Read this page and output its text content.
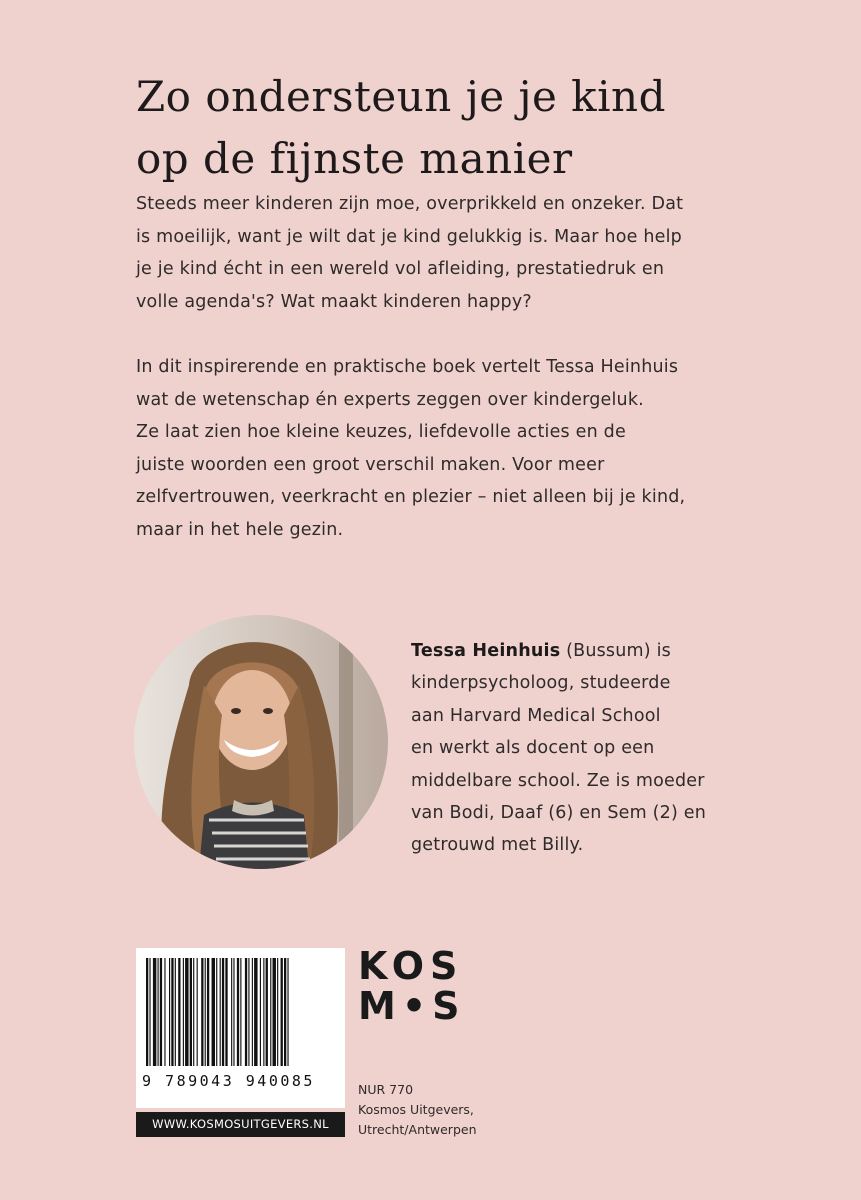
Zo ondersteun je je kind
op de fijnste manier

Steeds meer kinderen zijn moe, overprikkeld en onzeker. Dat
is moeilijk, want je wilt dat je kind gelukkig is. Maar hoe help
je je kind écht in een wereld vol afleiding, prestatiedruk en
volle agenda's? Wat maakt kinderen happy?

In dit inspirerende en praktische boek vertelt Tessa Heinhuis
wat de wetenschap én experts zeggen over kindergeluk.
Ze laat zien hoe kleine keuzes, liefdevolle acties en de
juiste woorden een groot verschil maken. Voor meer
zelfvertrouwen, veerkracht en plezier – niet alleen bij je kind,
maar in het hele gezin.

Tessa Heinhuis (Bussum) is
kinderpsycholoog, studeerde
aan Harvard Medical School
en werkt als docent op een
middelbare school. Ze is moeder
van Bodi, Daaf (6) en Sem (2) en
getrouwd met Billy.

9 789043 940085
WWW.KOSMOSUITGEVERS.NL
KOS
M•S

NUR 770
Kosmos Uitgevers,
Utrecht/Antwerpen
